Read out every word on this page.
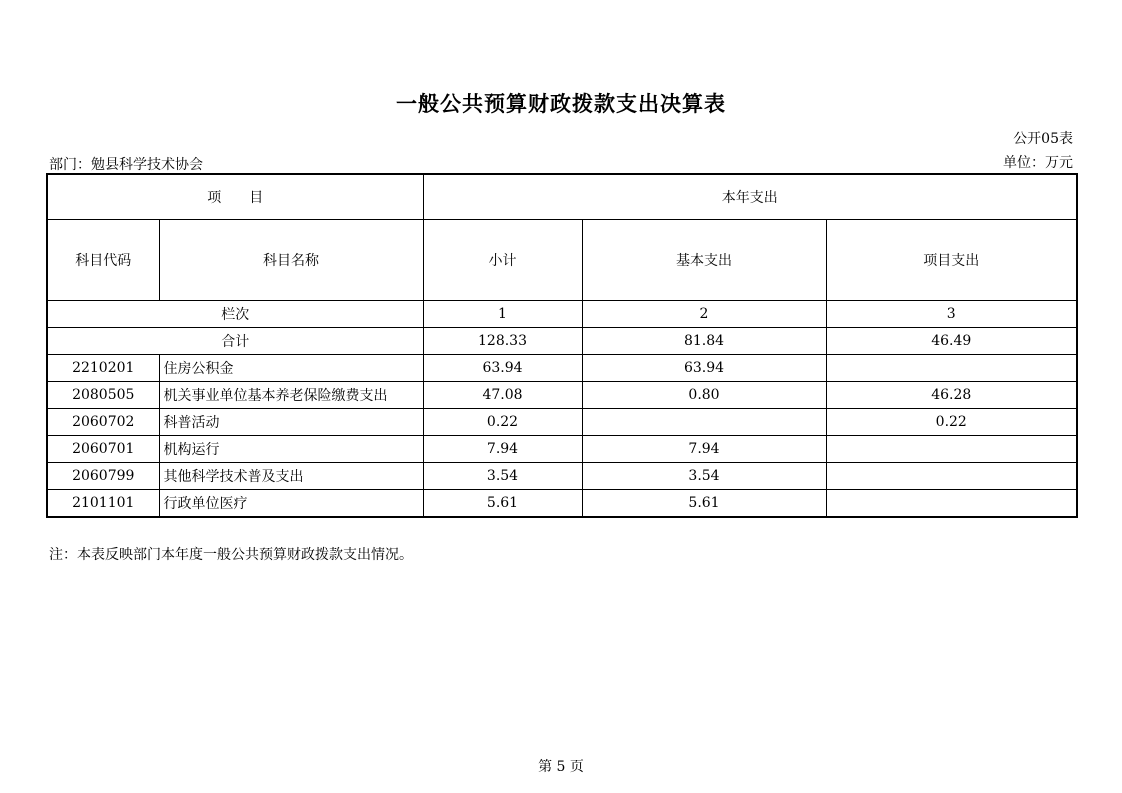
一般公共预算财政拨款支出决算表
公开05表
部门：勉县科学技术协会	单位：万元
项　　目		本年支出		
科目代码	科目名称	小计	基本支出	项目支出
栏次		1	2	3
合计		128.33	81.84	46.49
2210201	住房公积金	63.94	63.94	
2080505	机关事业单位基本养老保险缴费支出	47.08	0.80	46.28
2060702	科普活动	0.22		0.22
2060701	机构运行	7.94	7.94	
2060799	其他科学技术普及支出	3.54	3.54	
2101101	行政单位医疗	5.61	5.61	
注：本表反映部门本年度一般公共预算财政拨款支出情况。
第 5 页
